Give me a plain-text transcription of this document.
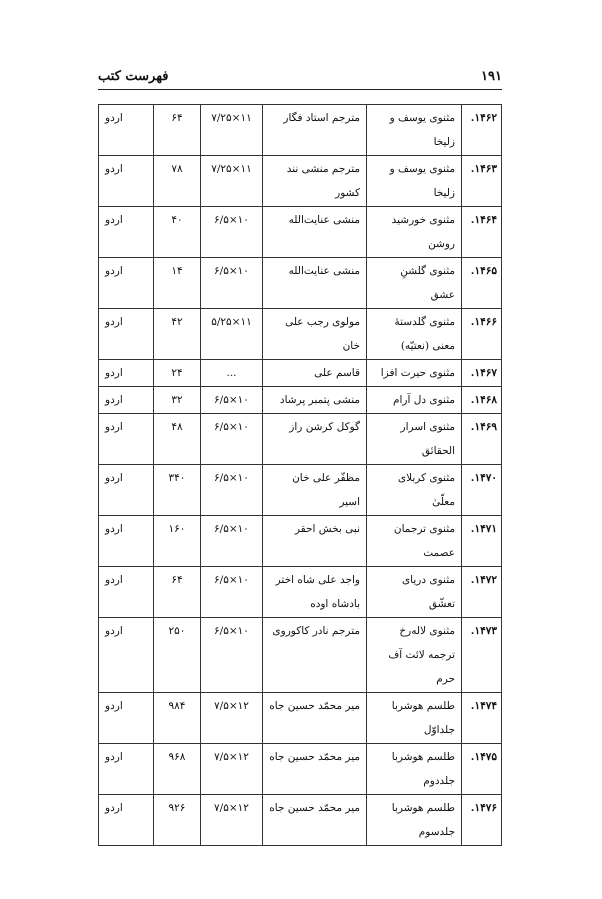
فهرست کتب	۱۹۱
۱۴۶۲.	مثنوی یوسف و زلیخا	مترجم استاد فگار	۱۱×۷/۲۵	۶۴	اردو
۱۴۶۳.	مثنوی یوسف و زلیخا	مترجم منشی نند کشور	۱۱×۷/۲۵	۷۸	اردو
۱۴۶۴.	مثنوی خورشید روشن	منشی عنایت‌الله	۱۰×۶/۵	۴۰	اردو
۱۴۶۵.	مثنوی گلشنِ عشق	منشی عنایت‌الله	۱۰×۶/۵	۱۴	اردو
۱۴۶۶.	مثنوی گلدستهٔ معنی (نعتیّه)	مولوی رجب علی خان	۱۱×۵/۲۵	۴۲	اردو
۱۴۶۷.	مثنوی حیرت افزا	قاسم علی	...	۲۴	اردو
۱۴۶۸.	مثنوی دل آرام	منشی پتمبر پرشاد	۱۰×۶/۵	۳۲	اردو
۱۴۶۹.	مثنوی اسرار الحقائق	گوکل کرشن راز	۱۰×۶/۵	۴۸	اردو
۱۴۷۰.	مثنوی کربلای معلّیٰ	مظفّر علی خان اسیر	۱۰×۶/۵	۳۴۰	اردو
۱۴۷۱.	مثنوی ترجمان عصمت	نبی بخش احقر	۱۰×۶/۵	۱۶۰	اردو
۱۴۷۲.	مثنوی دریای تعشّق	واجد علی شاه اختر بادشاه اوده	۱۰×۶/۵	۶۴	اردو
۱۴۷۳.	مثنوی لالەرخ ترجمه لائت آف حرم	مترجم نادر کاکوروی	۱۰×۶/۵	۲۵۰	اردو
۱۴۷۴.	طلسم هوشربا جلداوّل	میر محمّد حسین جاه	۱۲×۷/۵	۹۸۴	اردو
۱۴۷۵.	طلسم هوشربا جلددوم	میر محمّد حسین جاه	۱۲×۷/۵	۹۶۸	اردو
۱۴۷۶.	طلسم هوشربا جلدسوم	میر محمّد حسین جاه	۱۲×۷/۵	۹۲۶	اردو
